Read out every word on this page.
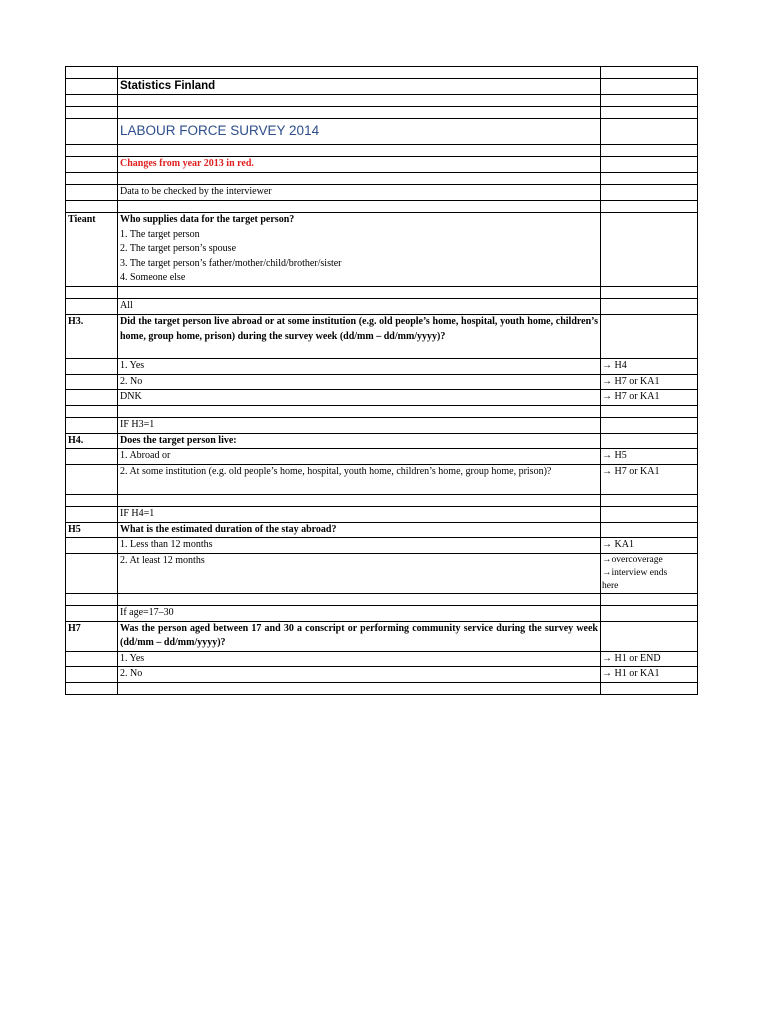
	Statistics Finland	

	LABOUR FORCE SURVEY 2014	

	Changes from year 2013 in red.	

	Data to be checked by the interviewer	

Tieant	Who supplies data for the target person?
1. The target person
2. The target person’s spouse
3. The target person’s father/mother/child/brother/sister
4. Someone else	

	All	
H3.	Did the target person live abroad or at some institution (e.g. old people’s home, hospital, youth home, children’s home, group home, prison) during the survey week (dd/mm – dd/mm/yyyy)?	
	1. Yes	→ H4
	2. No	→ H7 or KA1
	DNK	→ H7 or KA1

	IF H3=1	
H4.	Does the target person live:	
	1. Abroad or	→ H5
	2. At some institution (e.g. old people’s home, hospital, youth home, children’s home, group home, prison)?	→ H7 or KA1

	IF H4=1	
H5	What is the estimated duration of the stay abroad?	
	1. Less than 12 months	→ KA1
	2. At least 12 months	→overcoverage
→interview ends
here

	If age=17–30	
H7	Was the person aged between 17 and 30 a conscript or performing community service during the survey week (dd/mm – dd/mm/yyyy)?	
	1. Yes	→ H1 or END
	2. No	→ H1 or KA1
